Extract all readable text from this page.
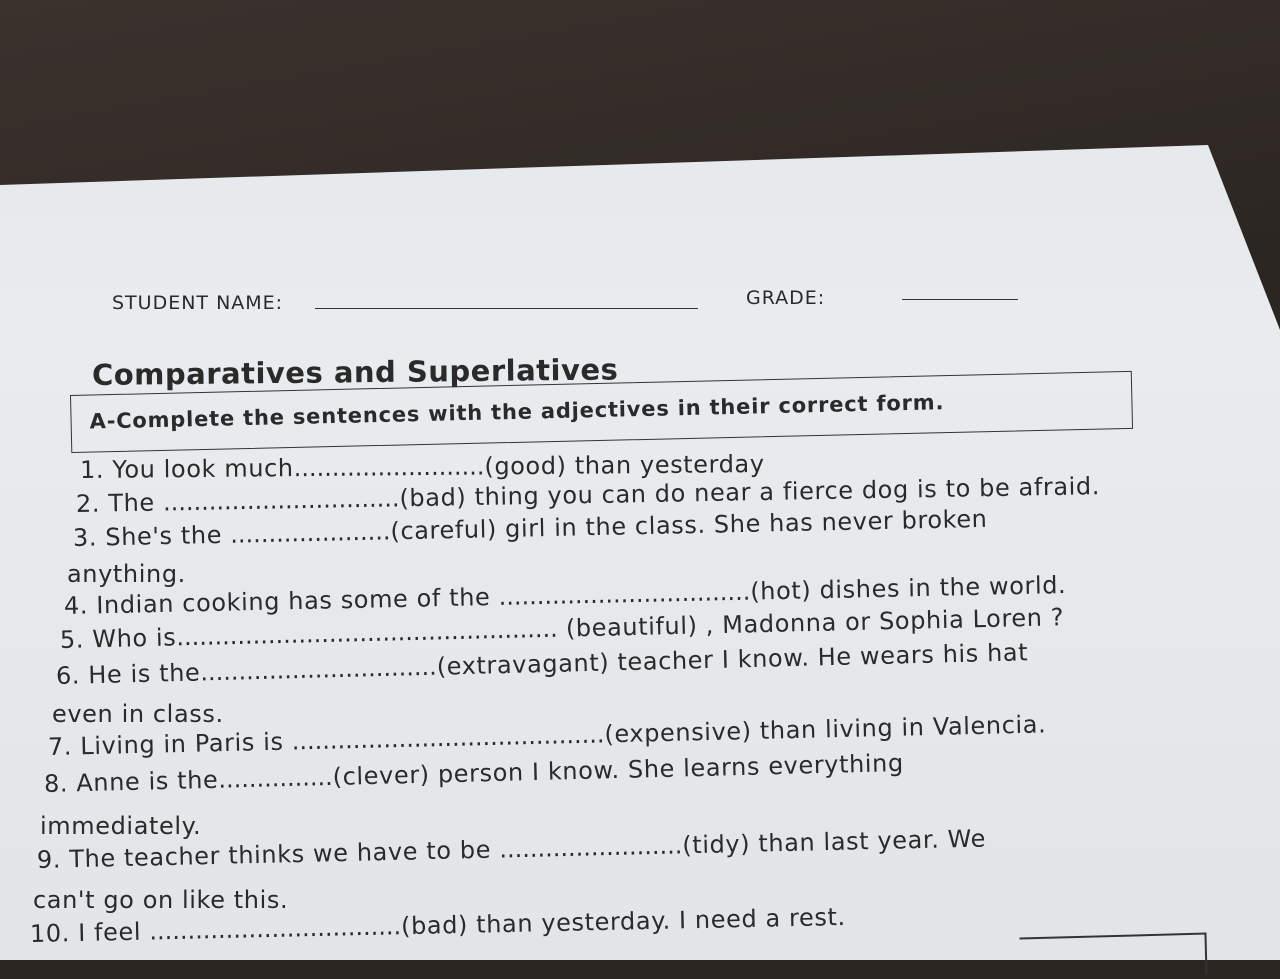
STUDENT NAME:	GRADE:
Comparatives and Superlatives
A-Complete the sentences with the adjectives in their correct form.
1. You look much.........................(good) than yesterday
2. The ...............................(bad) thing you can do near a fierce dog is to be afraid.
3. She's the .....................(careful) girl in the class. She has never broken
anything.
4. Indian cooking has some of the .................................(hot) dishes in the world.
5. Who is.................................................. (beautiful) , Madonna or Sophia Loren ?
6. He is the...............................(extravagant) teacher I know. He wears his hat
even in class.
7. Living in Paris is .........................................(expensive) than living in Valencia.
8. Anne is the...............(clever) person I know. She learns everything
immediately.
9. The teacher thinks we have to be ........................(tidy) than last year. We
can't go on like this.
10. I feel .................................(bad) than yesterday. I need a rest.
